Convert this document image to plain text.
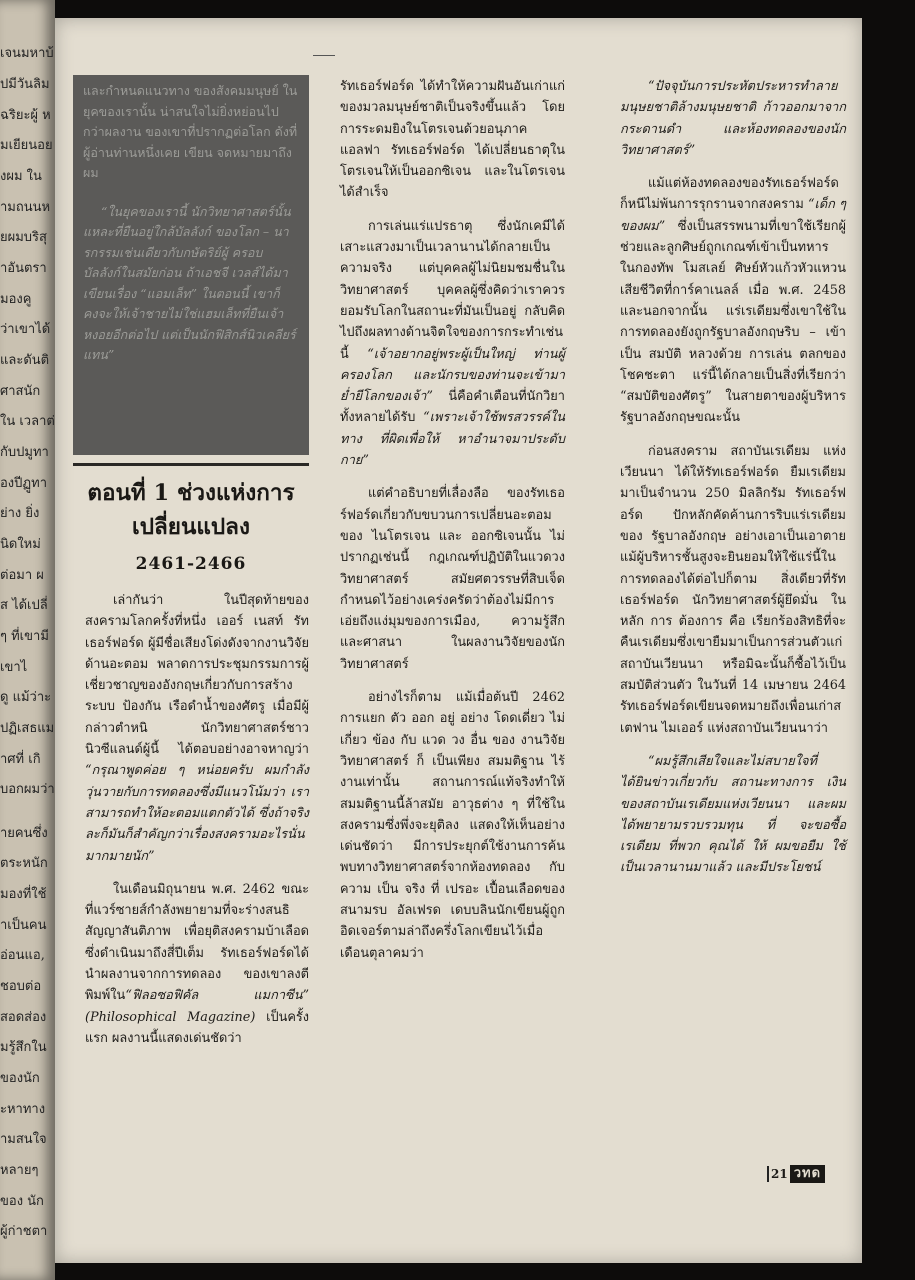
เจนมหาบ้
ปมีวันลิม
ฉริยะผู้ ห
มเยียนอย
งผม ใน
ามถนนห
ยผมบริสุ
าอันตรา
มองคู
ว่าเขาได้
และดันติ
ศาสนัก
ใน เวลาต่
กับปมูทา
องปีฏูทา
ย่าง ยิ่ง
นิดใหม่
ต่อมา ผ
ส ได้เปลี่
ๆ ที่เขามี
เขาไ
ดู แม้ว่าะ
ปฏิเสธแม
าศที่ เกิ
บอกผมว่า
ายคนซึ่ง
ตระหนัก
มองที่ใช้
าเป็นคน
อ่อนแอ,
ชอบต่อ
สอดส่อง
มรู้สึกใน
ของนัก
ะหาทาง
ามสนใจ
หลายๆ
ของ นัก
ผู้ก่าชตา

และกำหนดแนวทาง ของสังคมมนุษย์ ในยุคของเรานั้น น่าสนใจไม่ยิ่งหย่อนไปกว่าผลงาน ของเขาที่ปรากฏต่อโลก ดังที่ผู้อ่านท่านหนึ่งเคย เขียน จดหมายมาถึงผม

“ในยุคของเรานี้ นักวิทยาศาสตร์นั้นแหละที่ยืนอยู่ใกล้บัลลังก์ ของโลก – นารกรรมเช่นเดียวกับกษัตริย์ผู้ ครอบบัลลังก์ในสมัยก่อน ถ้าเอชจี เวลส์ได้มาเขียนเรื่อง “แอมเล็ท” ในตอนนี้ เขาก็คงจะให้เจ้าชายไม่ใช่แฮมเล็ทที่ยืนเจ้าหงอยอีกต่อไป แต่เป็นนักฟิสิกส์นิวเคลียร์แทน”

ตอนที่ 1 ช่วงแห่งการ
เปลี่ยนแปลง
2461-2466

เล่ากันว่า ในปีสุดท้ายของสงครามโลกครั้งที่หนึ่ง เออร์ เนสท์ รัทเธอร์ฟอร์ด ผู้มีชื่อเสียงโด่งดังจากงานวิจัยด้านอะตอม พลาดการประชุมกรรมการผู้เชี่ยวชาญของอังกฤษเกี่ยวกับการสร้าง ระบบ ป้องกัน เรือดำน้ำของศัตรู เมื่อมีผู้กล่าวตำหนิ นักวิทยาศาสตร์ชาวนิวซีแลนด์ผู้นี้ ได้ตอบอย่างอาจหาญว่า “กรุณาพูดค่อย ๆ หน่อยครับ ผมกำลังวุ่นวายกับการทดลองซึ่งมีแนวโน้มว่า เราสามารถทำให้อะตอมแตกตัวได้ ซึ่งถ้าจริงละก็มันก็สำคัญกว่าเรื่องสงครามอะไรนั่นมากมายนัก”

ในเดือนมิถุนายน พ.ศ. 2462 ขณะที่แวร์ซายส์กำลังพยายามที่จะร่างสนธิสัญญาสันติภาพ เพื่อยุติสงครามบ้าเลือดซึ่งดำเนินมาถึงสี่ปีเต็ม รัทเธอร์ฟอร์ดได้นำผลงานจากการทดลอง ของเขาลงตีพิมพ์ใน“ฟิลอซอฟิคัล แมกาซีน” (Philosophical Magazine) เป็นครั้งแรก ผลงานนี้แสดงเด่นชัดว่า

รัทเธอร์ฟอร์ด ได้ทำให้ความฝันอันเก่าแก่ของมวลมนุษย์ชาติเป็นจริงขึ้นแล้ว โดยการระดมยิงในโตรเจนด้วยอนุภาคแอลฟา รัทเธอร์ฟอร์ด ได้เปลี่ยนธาตุในโตรเจนให้เป็นออกซิเจน และในโตรเจนได้สำเร็จ

การเล่นแร่แปรธาตุ ซึ่งนักเคมีได้เสาะแสวงมาเป็นเวลานานได้กลายเป็นความจริง แต่บุคคลผู้ไม่นิยมชมชื่นในวิทยาศาสตร์ บุคคลผู้ซึ่งคิดว่าเราควรยอมรับโลกในสถานะที่มันเป็นอยู่ กลับคิดไปถึงผลทางด้านจิตใจของการกระทำเช่นนี้ “เจ้าอยากอยู่พระผู้เป็นใหญ่ ท่านผู้ครองโลก และนักรบของท่านจะเข้ามาย่ำยีโลกของเจ้า” นี่คือคำเตือนที่นักวิยาทั้งหลายได้รับ “เพราะเจ้าใช้พรสวรรค์ในทาง ที่ผิดเพื่อให้ หาอำนาจมาประดับกาย”

แต่คำอธิบายที่เลื่องลือ ของรัทเธอร์ฟอร์ดเกี่ยวกับขบวนการเปลี่ยนอะตอม ของ ไนโตรเจน และ ออกซิเจนนั้น ไม่ปรากฏเช่นนี้ กฎเกณฑ์ปฏิบัติในแวดวงวิทยาศาสตร์ สมัยศตวรรษที่สิบเจ็ด กำหนดไว้อย่างเคร่งครัดว่าต้องไม่มีการเอ่ยถึงแง่มุมของการเมือง, ความรู้สึก และศาสนา ในผลงานวิจัยของนักวิทยาศาสตร์

อย่างไรก็ตาม แม้เมื่อต้นปี 2462 การแยก ตัว ออก อยู่ อย่าง โดดเดี่ยว ไม่เกี่ยว ข้อง กับ แวด วง อื่น ของ งานวิจัยวิทยาศาสตร์ ก็ เป็นเพียง สมมติฐาน ไร้งานเท่านั้น สถานการณ์แท้จริงทำให้สมมติฐานนี้ล้าสมัย อาวุธต่าง ๆ ที่ใช้ในสงครามซึ่งพึ่งจะยุติลง แสดงให้เห็นอย่างเด่นชัดว่า มีการประยุกต์ใช้งานการค้นพบทางวิทยาศาสตร์จากห้องทดลอง กับ ความ เป็น จริง ที่ เปรอะ เปื้อนเลือดของสนามรบ อัลเฟรด เดบบลินนักเขียนผู้ถูกอิดเจอร์ตามล่าถึงครึ่งโลกเขียนไว้เมื่อเดือนตุลาคมว่า

“ปัจจุบันการประหัตประหารทำลายมนุษยชาติล้างมนุษยชาติ ก้าวออกมาจากกระดานดำ และห้องทดลองของนักวิทยาศาสตร์”

แม้แต่ห้องทดลองของรัทเธอร์ฟอร์ด ก็หนีไม่พ้นการรุกรานจากสงคราม “เด็ก ๆ ของผม” ซึ่งเป็นสรรพนามที่เขาใช้เรียกผู้ช่วยและลูกศิษย์ถูกเกณฑ์เข้าเป็นทหาร ในกองทัพ โมสเลย์ ศิษย์หัวแก้วหัวแหวน เสียชีวิตที่การ์คาเนลล์ เมื่อ พ.ศ. 2458 และนอกจากนั้น แร่เรเดียมซึ่งเขาใช้ในการทดลองยังถูกรัฐบาลอังกฤษริบ – เข้าเป็น สมบัติ หลวงด้วย การเล่น ตลกของโชคชะตา แร่นี้ได้กลายเป็นสิ่งที่เรียกว่า “สมบัติของศัตรู” ในสายตาของผู้บริหารรัฐบาลอังกฤษขณะนั้น

ก่อนสงคราม สถาบันเรเดียม แห่งเวียนนา ได้ให้รัทเธอร์ฟอร์ด ยืมเรเดียมมาเป็นจำนวน 250 มิลลิกรัม รัทเธอร์ฟอร์ด ปักหลักคัดค้านการริบแร่เรเดียม ของ รัฐบาลอังกฤษ อย่างเอาเป็นเอาตาย แม้ผู้บริหารชั้นสูงจะยินยอมให้ใช้แร่นี้ในการทดลองได้ต่อไปก็ตาม สิ่งเดียวที่รัทเธอร์ฟอร์ด นักวิทยาศาสตร์ผู้ยึดมั่น ใน หลัก การ ต้องการ คือ เรียกร้องสิทธิที่จะคืนเรเดียมซึ่งเขายืมมาเป็นการส่วนตัวแก่สถาบันเวียนนา หรือมิฉะนั้นก็ซื้อไว้เป็นสมบัติส่วนตัว ในวันที่ 14 เมษายน 2464 รัทเธอร์ฟอร์ดเขียนจดหมายถึงเพื่อนเก่าสเตฟาน ไมเออร์ แห่งสถาบันเวียนนาว่า

“ผมรู้สึกเสียใจและไม่สบายใจที่ได้ยินข่าวเกี่ยวกับ สถานะทางการ เงินของสถาบันเรเดียมแห่งเวียนนา และผมได้พยายามรวบรวมทุน ที่ จะขอซื้อเรเดียม ที่พวก คุณได้ ให้ ผมขอยืม ใช้เป็นเวลานานมาแล้ว และมีประโยชน์

21 วทด
